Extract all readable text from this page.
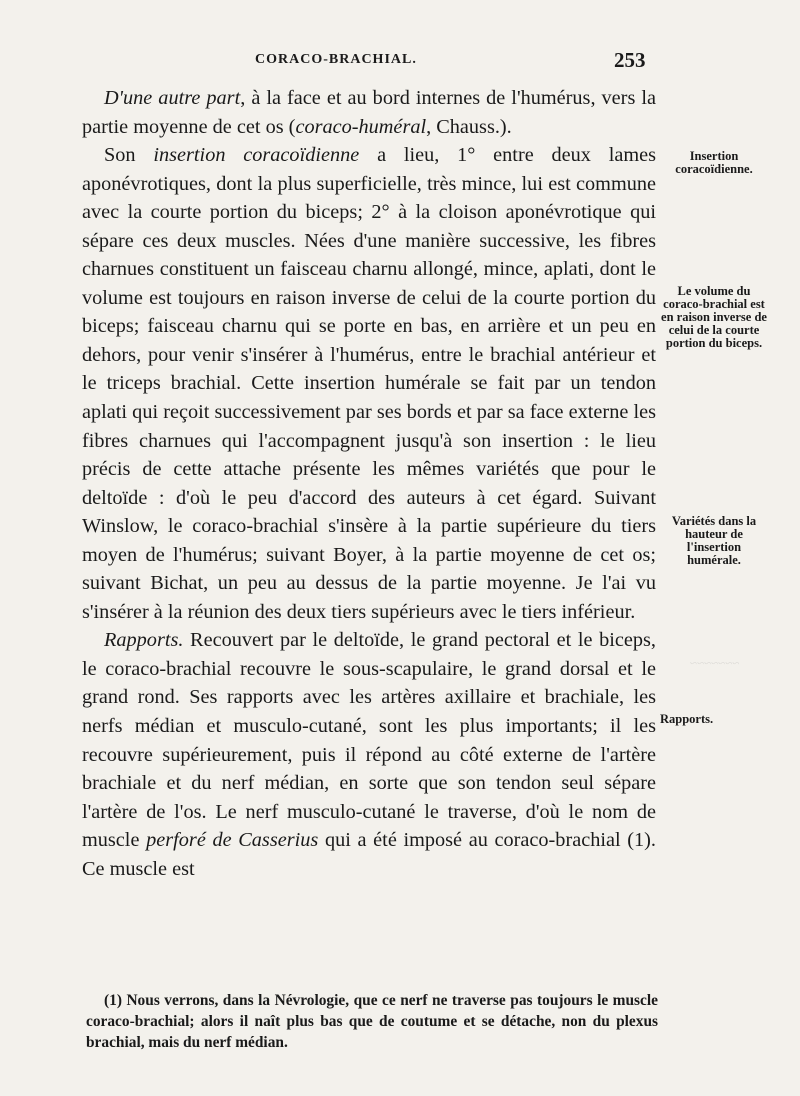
CORACO-BRACHIAL.	253

D'une autre part, à la face et au bord internes de l'humérus, vers la partie moyenne de cet os (coraco-huméral, Chauss.).

Son insertion coracoïdienne a lieu, 1° entre deux lames aponévrotiques, dont la plus superficielle, très mince, lui est commune avec la courte portion du biceps; 2° à la cloison aponévrotique qui sépare ces deux muscles. Nées d'une manière successive, les fibres charnues constituent un faisceau charnu allongé, mince, aplati, dont le volume est toujours en raison inverse de celui de la courte portion du biceps; faisceau charnu qui se porte en bas, en arrière et un peu en dehors, pour venir s'insérer à l'humérus, entre le brachial antérieur et le triceps brachial. Cette insertion humérale se fait par un tendon aplati qui reçoit successivement par ses bords et par sa face externe les fibres charnues qui l'accompagnent jusqu'à son insertion : le lieu précis de cette attache présente les mêmes variétés que pour le deltoïde : d'où le peu d'accord des auteurs à cet égard. Suivant Winslow, le coraco-brachial s'insère à la partie supérieure du tiers moyen de l'humérus; suivant Boyer, à la partie moyenne de cet os; suivant Bichat, un peu au dessus de la partie moyenne. Je l'ai vu s'insérer à la réunion des deux tiers supérieurs avec le tiers inférieur.

Rapports. Recouvert par le deltoïde, le grand pectoral et le biceps, le coraco-brachial recouvre le sous-scapulaire, le grand dorsal et le grand rond. Ses rapports avec les artères axillaire et brachiale, les nerfs médian et musculo-cutané, sont les plus importants; il les recouvre supérieurement, puis il répond au côté externe de l'artère brachiale et du nerf médian, en sorte que son tendon seul sépare l'artère de l'os. Le nerf musculo-cutané le traverse, d'où le nom de muscle perforé de Casserius qui a été imposé au coraco-brachial (1). Ce muscle est

Insertion coracoïdienne.
Le volume du coraco-brachial est en raison inverse de celui de la courte portion du biceps.
Variétés dans la hauteur de l'insertion humérale.
Rapports.

(1) Nous verrons, dans la Névrologie, que ce nerf ne traverse pas toujours le muscle coraco-brachial; alors il naît plus bas que de coutume et se détache, non du plexus brachial, mais du nerf médian.

~~~~~~~
